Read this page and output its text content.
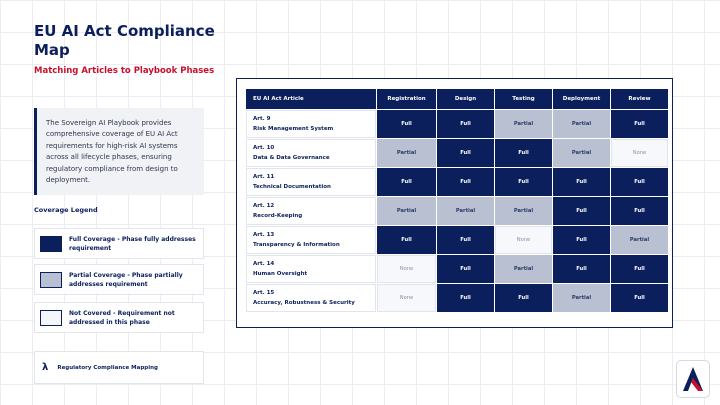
EU AI Act Compliance Map
Matching Articles to Playbook Phases
The Sovereign AI Playbook provides comprehensive coverage of EU AI Act requirements for high-risk AI systems across all lifecycle phases, ensuring regulatory compliance from design to deployment.
Coverage Legend
Full Coverage - Phase fully addresses requirement
Partial Coverage - Phase partially addresses requirement
Not Covered - Requirement not addressed in this phase
λ Regulatory Compliance Mapping
EU AI Act Article	Registration	Design	Testing	Deployment	Review

Art. 9
Risk Management System	Full	Full	Partial	Partial	Full

Art. 10
Data & Data Governance	Partial	Full	Full	Partial	None

Art. 11
Technical Documentation	Full	Full	Full	Full	Full

Art. 12
Record-Keeping	Partial	Partial	Partial	Full	Full

Art. 13
Transparency & Information	Full	Full	None	Full	Partial

Art. 14
Human Oversight	None	Full	Partial	Full	Full

Art. 15
Accuracy, Robustness & Security	None	Full	Full	Partial	Full
